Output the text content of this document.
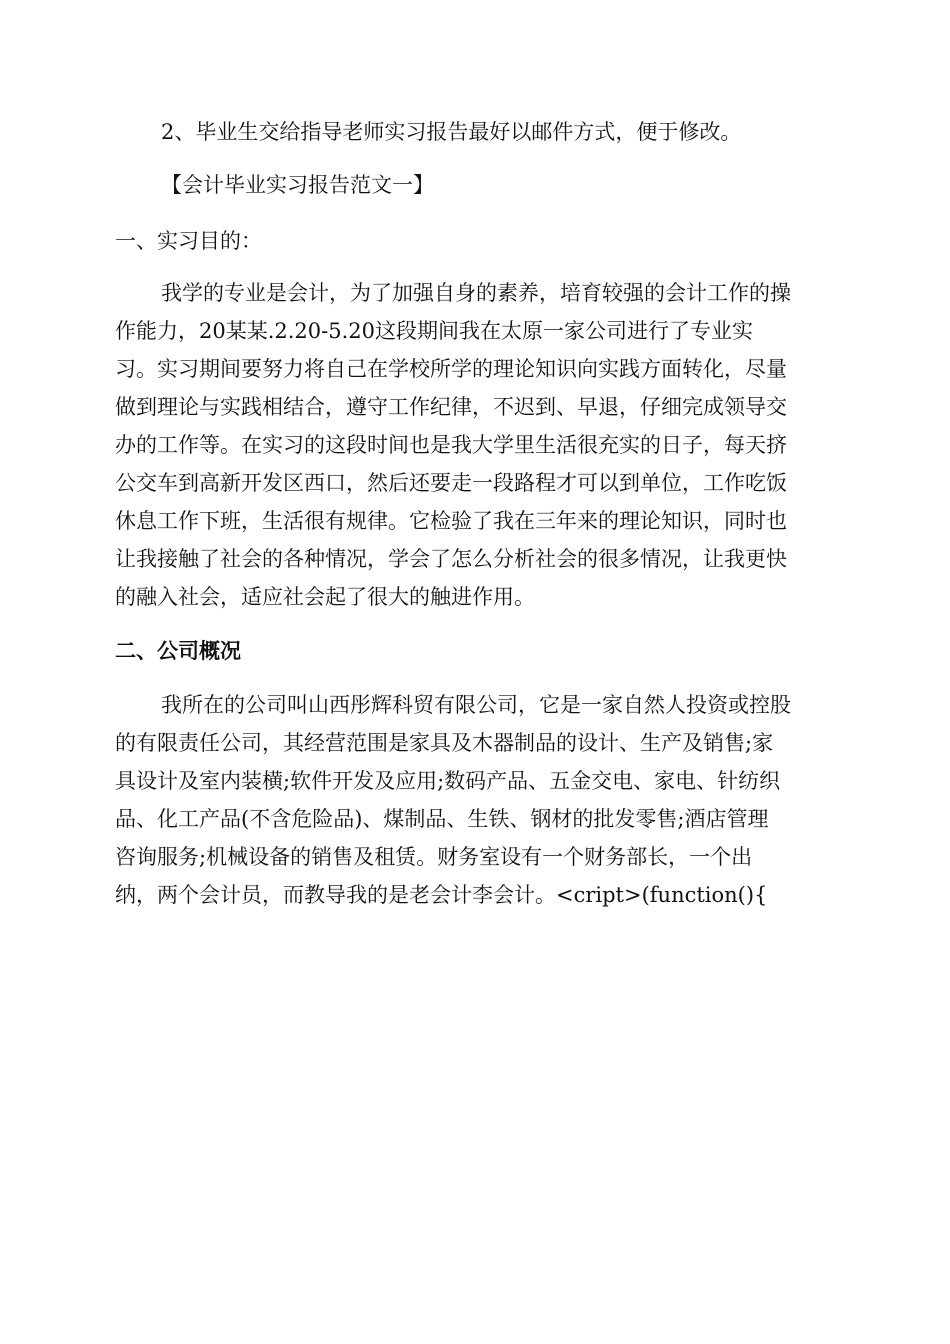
2、毕业生交给指导老师实习报告最好以邮件方式，便于修改。
【会计毕业实习报告范文一】
一、实习目的：
我学的专业是会计，为了加强自身的素养，培育较强的会计工作的操
作能力，20某某.2.20-5.20这段期间我在太原一家公司进行了专业实
习。实习期间要努力将自己在学校所学的理论知识向实践方面转化，尽量
做到理论与实践相结合，遵守工作纪律，不迟到、早退，仔细完成领导交
办的工作等。在实习的这段时间也是我大学里生活很充实的日子，每天挤
公交车到高新开发区西口，然后还要走一段路程才可以到单位，工作吃饭
休息工作下班，生活很有规律。它检验了我在三年来的理论知识，同时也
让我接触了社会的各种情况，学会了怎么分析社会的很多情况，让我更快
的融入社会，适应社会起了很大的触进作用。
二、公司概况
我所在的公司叫山西彤辉科贸有限公司，它是一家自然人投资或控股
的有限责任公司，其经营范围是家具及木器制品的设计、生产及销售;家
具设计及室内装横;软件开发及应用;数码产品、五金交电、家电、针纺织
品、化工产品(不含危险品)、煤制品、生铁、钢材的批发零售;酒店管理
咨询服务;机械设备的销售及租赁。财务室设有一个财务部长，一个出
纳，两个会计员，而教导我的是老会计李会计。<cript>(function(){
